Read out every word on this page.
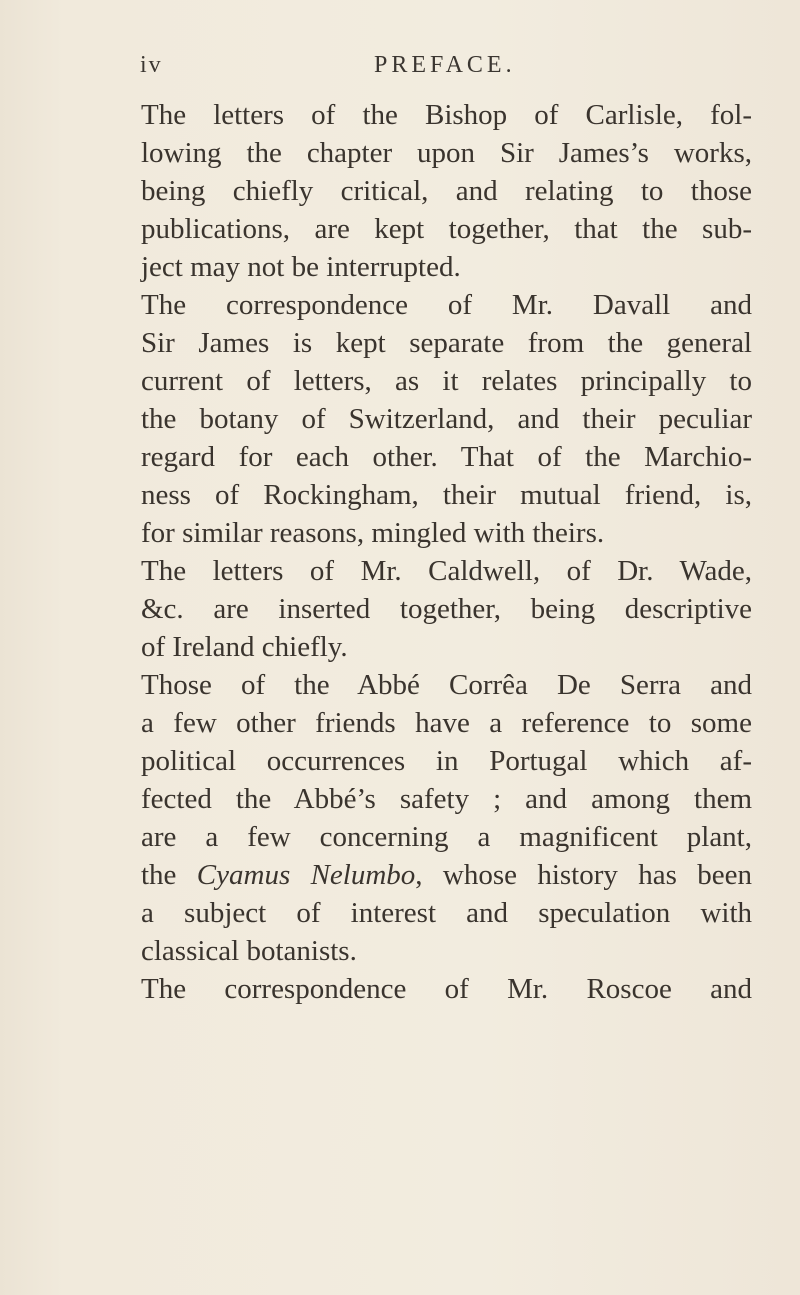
iv	PREFACE.
The letters of the Bishop of Carlisle, fol-
lowing the chapter upon Sir James’s works,
being chiefly critical, and relating to those
publications, are kept together, that the sub-
ject may not be interrupted.
The correspondence of Mr. Davall and
Sir James is kept separate from the general
current of letters, as it relates principally to
the botany of Switzerland, and their peculiar
regard for each other. That of the Marchio-
ness of Rockingham, their mutual friend, is,
for similar reasons, mingled with theirs.
The letters of Mr. Caldwell, of Dr. Wade,
&c. are inserted together, being descriptive
of Ireland chiefly.
Those of the Abbé Corrêa De Serra and
a few other friends have a reference to some
political occurrences in Portugal which af-
fected the Abbé’s safety ; and among them
are a few concerning a magnificent plant,
the Cyamus Nelumbo, whose history has been
a subject of interest and speculation with
classical botanists.
The correspondence of Mr. Roscoe and
